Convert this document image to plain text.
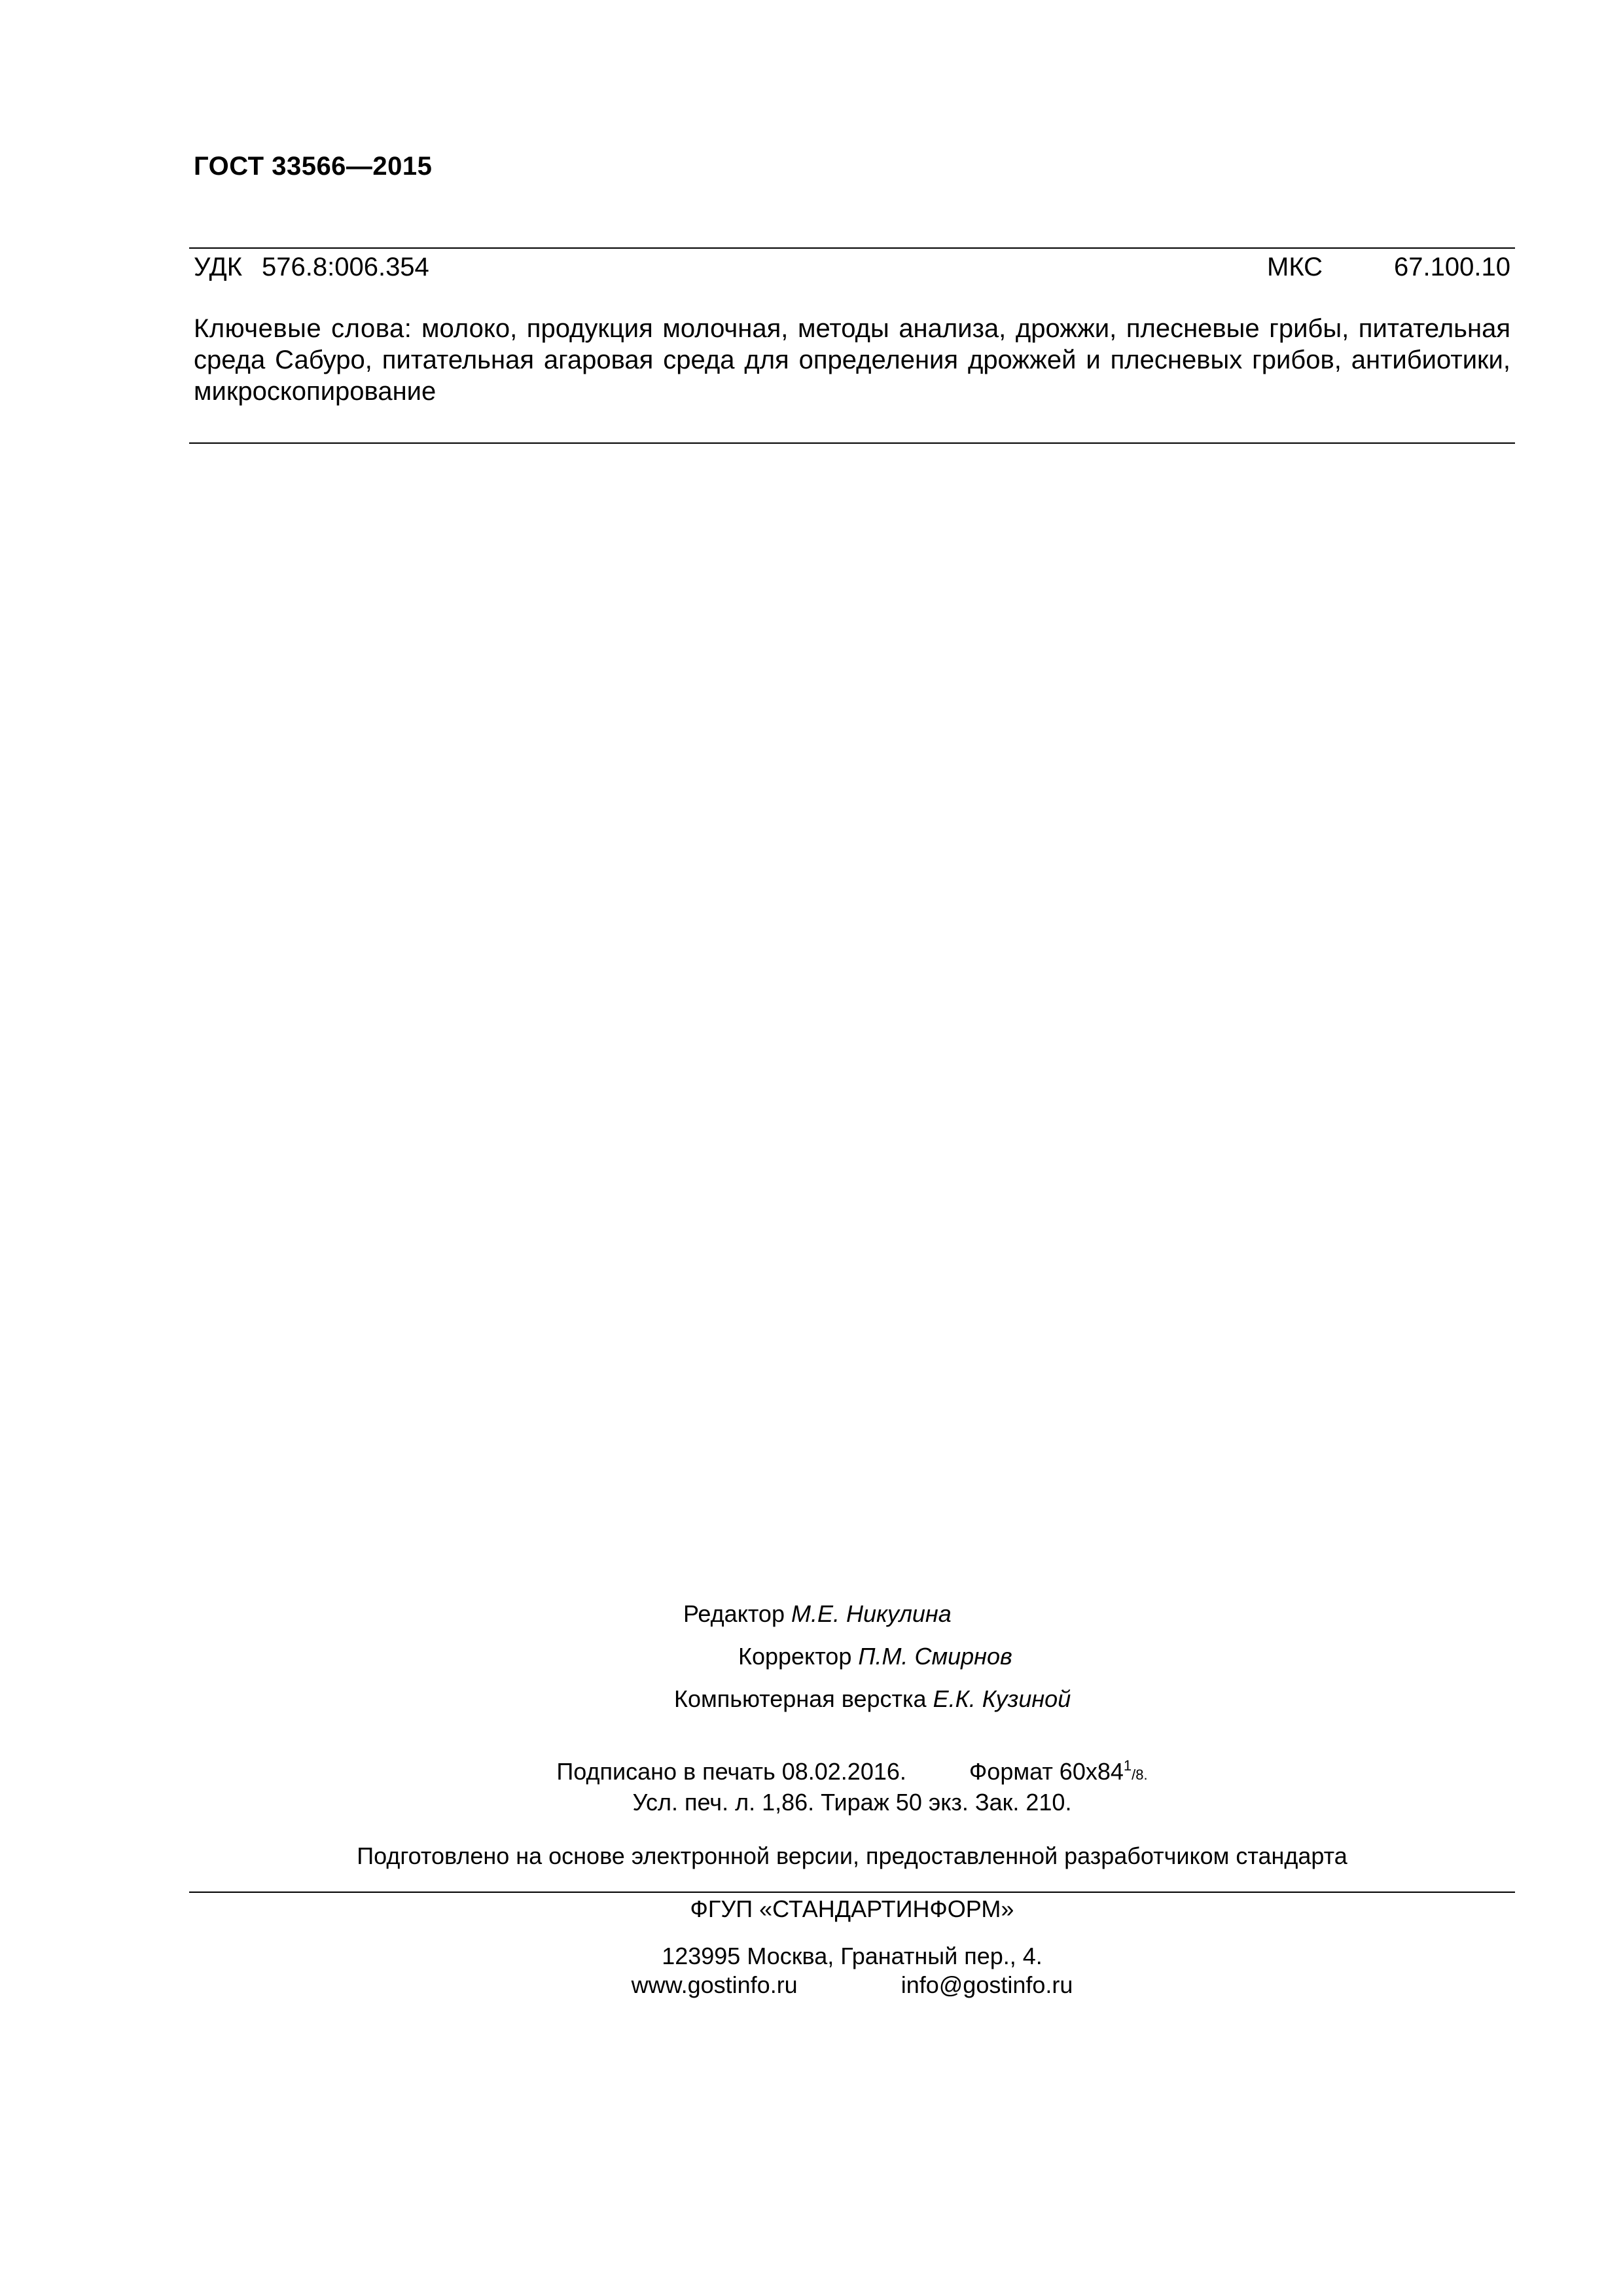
ГОСТ 33566—2015
УДК 576.8:006.354	МКС	67.100.10
Ключевые слова: молоко, продукция молочная, методы анализа, дрожжи, плесневые грибы, питательная среда Сабуро, питательная агаровая среда для определения дрожжей и плесневых грибов, антибиотики, микроскопирование
Редактор М.Е. Никулина
Корректор П.М. Смирнов
Компьютерная верстка Е.К. Кузиной
Подписано в печать 08.02.2016.	Формат $60х84^1/8$.
Усл. печ. л. 1,86. Тираж 50 экз. Зак. 210.
Подготовлено на основе электронной версии, предоставленной разработчиком стандарта
ФГУП «СТАНДАРТИНФОРМ»
123995 Москва, Гранатный пер., 4.
www.gostinfo.ru	info@gostinfo.ru
